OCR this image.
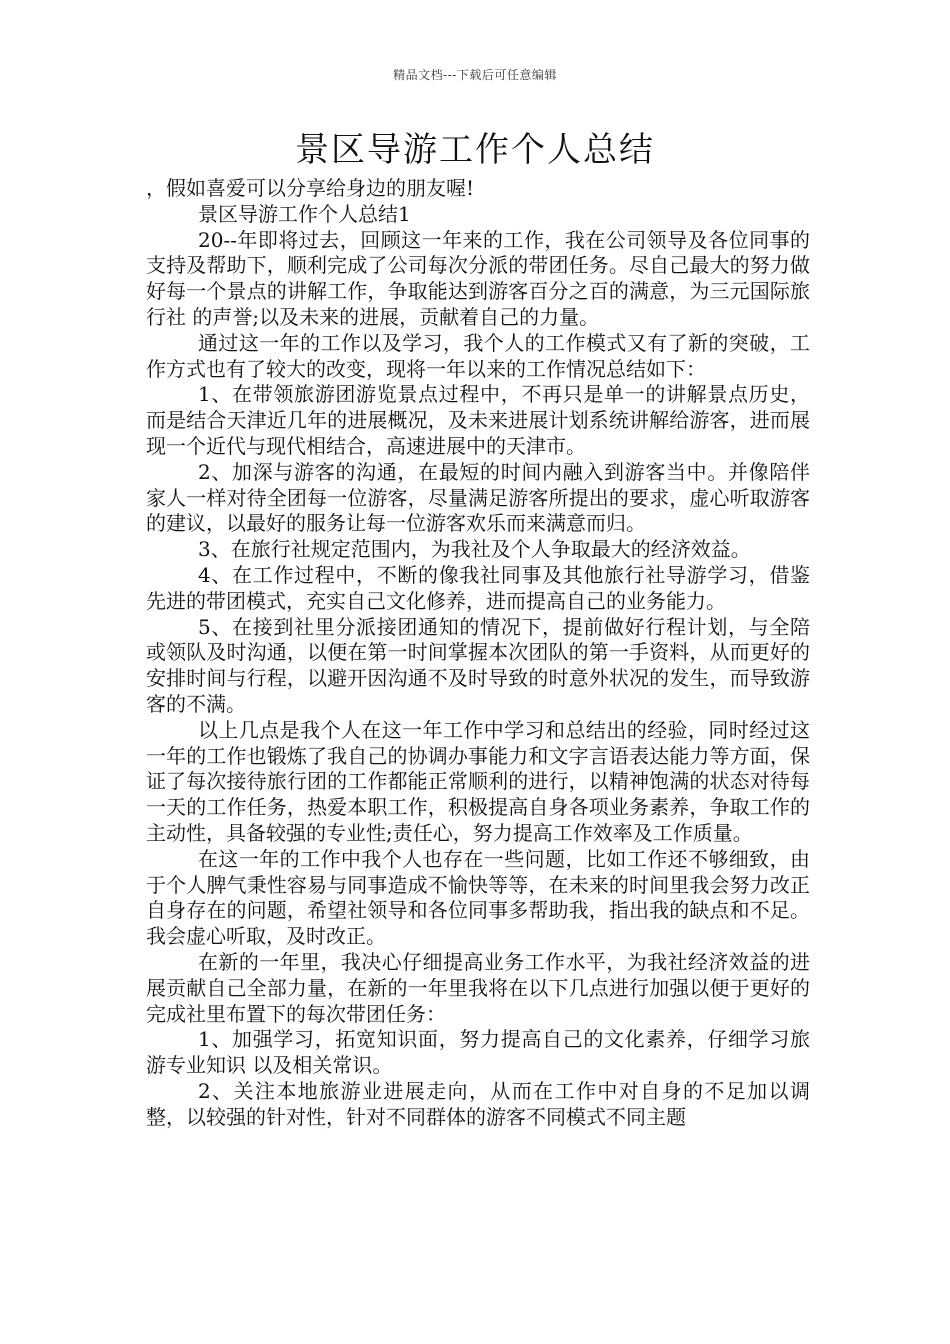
精品文档---下载后可任意编辑
景区导游工作个人总结

，假如喜爱可以分享给身边的朋友喔!

景区导游工作个人总结1

20--年即将过去，回顾这一年来的工作，我在公司领导及各位同事的支持及帮助下，顺利完成了公司每次分派的带团任务。尽自己最大的努力做好每一个景点的讲解工作，争取能达到游客百分之百的满意，为三元国际旅行社 的声誉;以及未来的进展，贡献着自己的力量。

通过这一年的工作以及学习，我个人的工作模式又有了新的突破，工作方式也有了较大的改变，现将一年以来的工作情况总结如下：

1、在带领旅游团游览景点过程中，不再只是单一的讲解景点历史，而是结合天津近几年的进展概况，及未来进展计划系统讲解给游客，进而展现一个近代与现代相结合，高速进展中的天津市。

2、加深与游客的沟通，在最短的时间内融入到游客当中。并像陪伴家人一样对待全团每一位游客，尽量满足游客所提出的要求，虚心听取游客的建议，以最好的服务让每一位游客欢乐而来满意而归。

3、在旅行社规定范围内，为我社及个人争取最大的经济效益。

4、在工作过程中，不断的像我社同事及其他旅行社导游学习，借鉴先进的带团模式，充实自己文化修养，进而提高自己的业务能力。

5、在接到社里分派接团通知的情况下，提前做好行程计划，与全陪或领队及时沟通，以便在第一时间掌握本次团队的第一手资料，从而更好的安排时间与行程，以避开因沟通不及时导致的时意外状况的发生，而导致游客的不满。

以上几点是我个人在这一年工作中学习和总结出的经验，同时经过这一年的工作也锻炼了我自己的协调办事能力和文字言语表达能力等方面，保证了每次接待旅行团的工作都能正常顺利的进行，以精神饱满的状态对待每一天的工作任务，热爱本职工作，积极提高自身各项业务素养，争取工作的主动性，具备较强的专业性;责任心，努力提高工作效率及工作质量。

在这一年的工作中我个人也存在一些问题，比如工作还不够细致，由于个人脾气秉性容易与同事造成不愉快等等，在未来的时间里我会努力改正自身存在的问题，希望社领导和各位同事多帮助我，指出我的缺点和不足。我会虚心听取，及时改正。

在新的一年里，我决心仔细提高业务工作水平，为我社经济效益的进展贡献自己全部力量，在新的一年里我将在以下几点进行加强以便于更好的完成社里布置下的每次带团任务：

1、加强学习，拓宽知识面，努力提高自己的文化素养，仔细学习旅游专业知识 以及相关常识。

2、关注本地旅游业进展走向，从而在工作中对自身的不足加以调整，以较强的针对性，针对不同群体的游客不同模式不同主题
